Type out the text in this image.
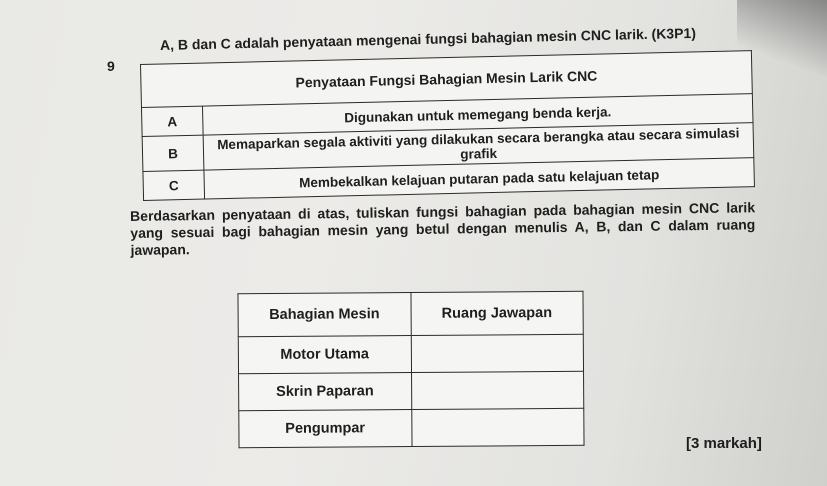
9
A, B dan C adalah penyataan mengenai fungsi bahagian mesin CNC larik. (K3P1)
Penyataan Fungsi Bahagian Mesin Larik CNC	
A	Digunakan untuk memegang benda kerja.
B	Memaparkan segala aktiviti yang dilakukan secara berangka atau secara simulasi grafik
C	Membekalkan kelajuan putaran pada satu kelajuan tetap
Berdasarkan penyataan di atas, tuliskan fungsi bahagian pada bahagian mesin CNC larik yang sesuai bagi bahagian mesin yang betul dengan menulis A, B, dan C dalam ruang jawapan.
Bahagian Mesin	Ruang Jawapan
Motor Utama	
Skrin Paparan	
Pengumpar	
[3 markah]
